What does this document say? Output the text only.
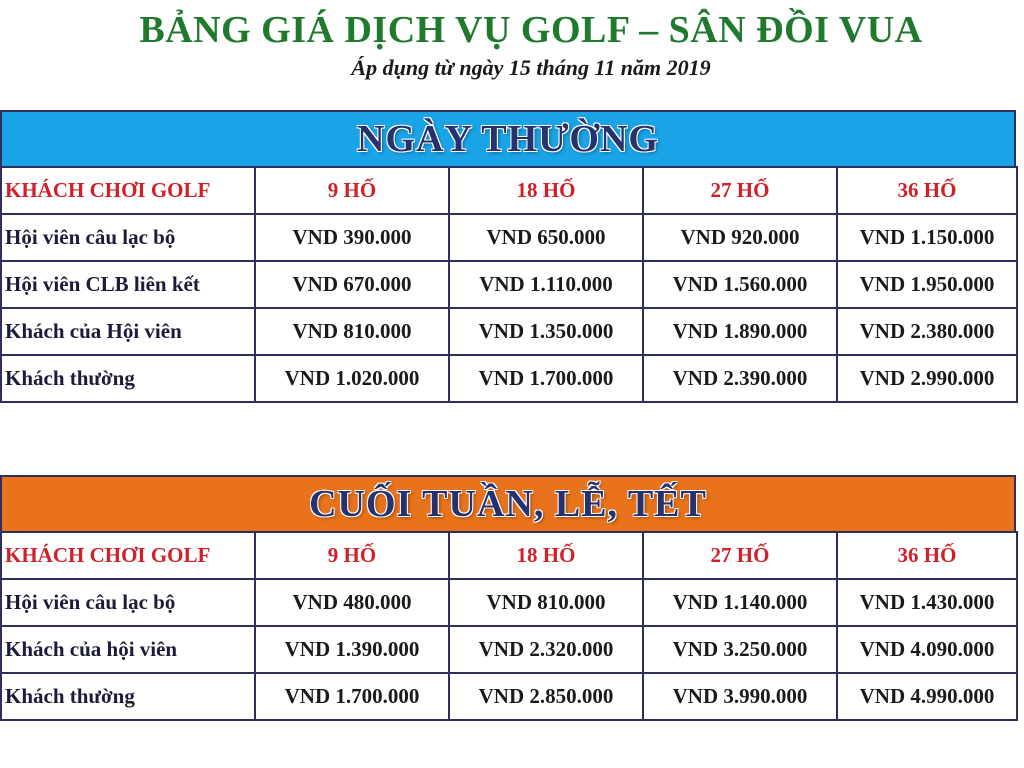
BẢNG GIÁ DỊCH VỤ GOLF – SÂN ĐỒI VUA
Áp dụng từ ngày 15 tháng 11 năm 2019
NGÀY THƯỜNG
KHÁCH CHƠI GOLF	9 HỐ	18 HỐ	27 HỐ	36 HỐ
Hội viên câu lạc bộ	VND 390.000	VND 650.000	VND 920.000	VND 1.150.000
Hội viên CLB liên kết	VND 670.000	VND 1.110.000	VND 1.560.000	VND 1.950.000
Khách của Hội viên	VND 810.000	VND 1.350.000	VND 1.890.000	VND 2.380.000
Khách thường	VND 1.020.000	VND 1.700.000	VND 2.390.000	VND 2.990.000
CUỐI TUẦN, LỄ, TẾT
KHÁCH CHƠI GOLF	9 HỐ	18 HỐ	27 HỐ	36 HỐ
Hội viên câu lạc bộ	VND 480.000	VND 810.000	VND 1.140.000	VND 1.430.000
Khách của hội viên	VND 1.390.000	VND 2.320.000	VND 3.250.000	VND 4.090.000
Khách thường	VND 1.700.000	VND 2.850.000	VND 3.990.000	VND 4.990.000
